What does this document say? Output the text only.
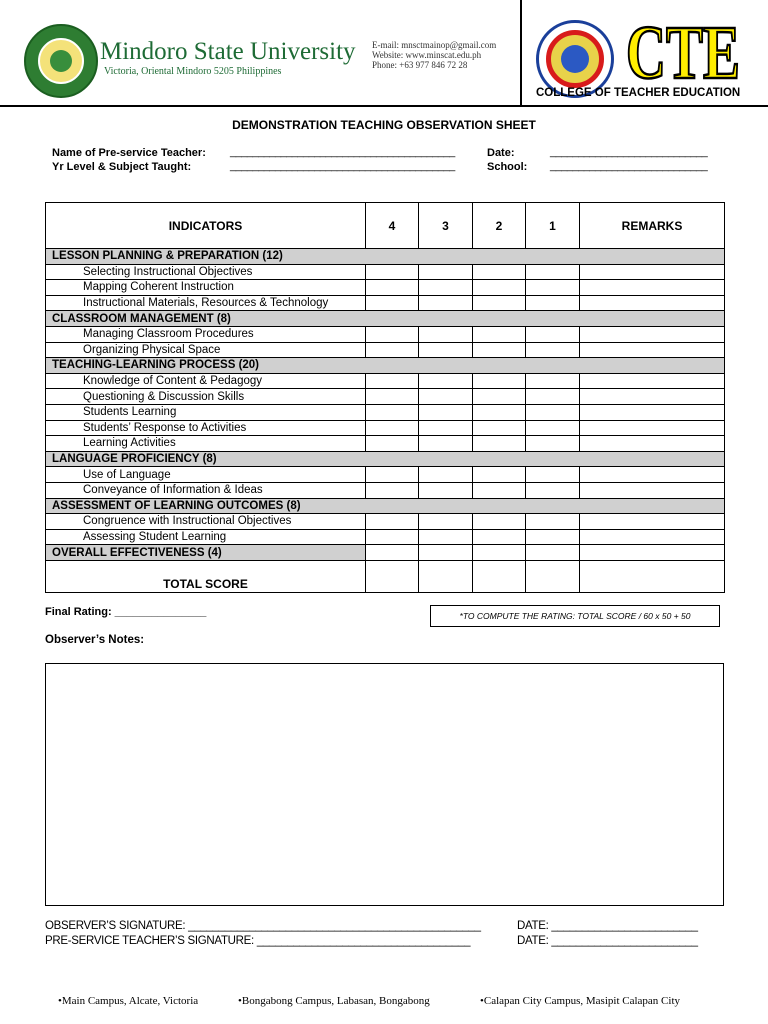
Mindoro State University
Victoria, Oriental Mindoro 5205 Philippines
E-mail: mnsctmainop@gmail.com
Website: www.minscat.edu.ph
Phone: +63 977 846 72 28 CTE
COLLEGE OF TEACHER EDUCATION
DEMONSTRATION TEACHING OBSERVATION SHEET
Name of Pre-service Teacher: ________________________________________
Yr Level & Subject Taught:	________________________________________
Date:	____________________________
School: ____________________________
INDICATORS	4	3	2	1	REMARKS
LESSON PLANNING & PREPARATION (12)					
Selecting Instructional Objectives					
Mapping Coherent Instruction					
Instructional Materials, Resources & Technology					
CLASSROOM MANAGEMENT (8)					
Managing Classroom Procedures					
Organizing Physical Space					
TEACHING-LEARNING PROCESS (20)					
Knowledge of Content & Pedagogy					
Questioning & Discussion Skills					
Students Learning					
Students’ Response to Activities					
Learning Activities					
LANGUAGE PROFICIENCY (8)					
Use of Language					
Conveyance of Information & Ideas					
ASSESSMENT OF LEARNING OUTCOMES (8)					
Congruence with Instructional Objectives					
Assessing Student Learning					
OVERALL EFFECTIVENESS (4)					
TOTAL SCORE					
Final Rating: _______________	*TO COMPUTE THE RATING: TOTAL SCORE / 60 x 50 + 50
Observer’s Notes:
OBSERVER’S SIGNATURE: ________________________________________________	DATE: ________________________
PRE-SERVICE TEACHER’S SIGNATURE: ___________________________________	DATE: ________________________
•Main Campus, Alcate, Victoria	•Bongabong Campus, Labasan, Bongabong	•Calapan City Campus, Masipit Calapan City
